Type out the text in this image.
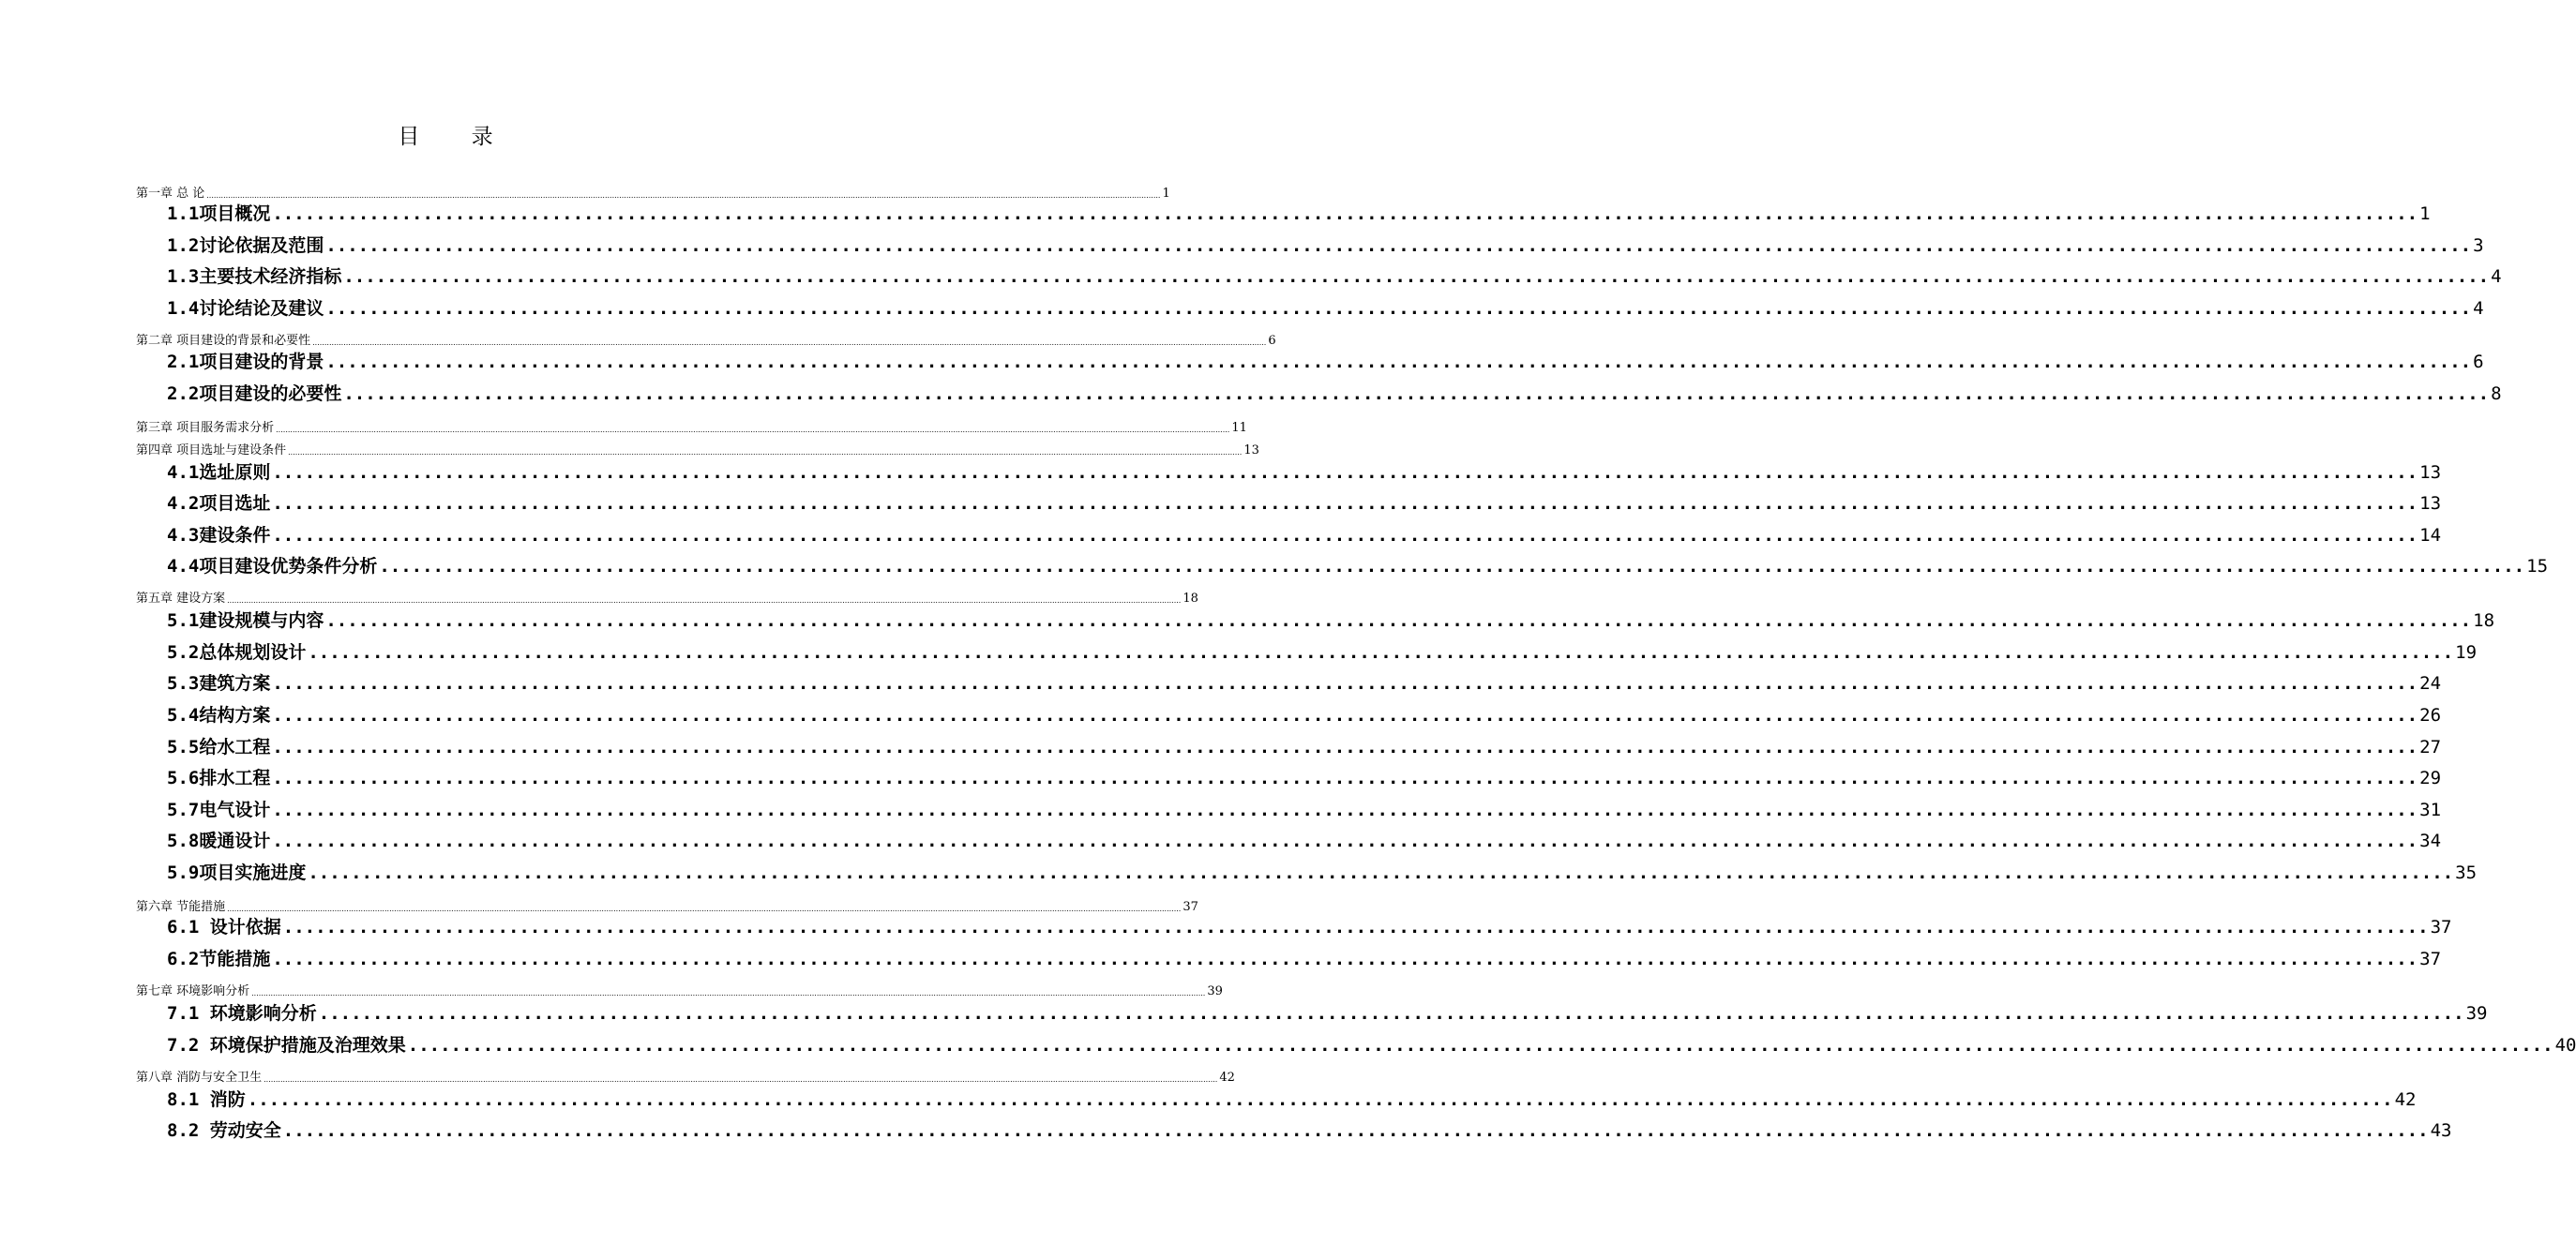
目 录
第一章 总 论 ................................................................................................................................................................................................................................................................................................................................................................................................................ 1
1.1项目概况 ........................................................................................................................................................................................................ 1
1.2讨论依据及范围 ........................................................................................................................................................................................................ 3
1.3主要技术经济指标 ........................................................................................................................................................................................................ 4
1.4讨论结论及建议 ........................................................................................................................................................................................................ 4
第二章 项目建设的背景和必要性 ................................................................................................................................................................................................................................................................................................................................................................................................................ 6
2.1项目建设的背景 ........................................................................................................................................................................................................ 6
2.2项目建设的必要性 ........................................................................................................................................................................................................ 8
第三章 项目服务需求分析 ................................................................................................................................................................................................................................................................................................................................................................................................................ 11
第四章 项目选址与建设条件 ................................................................................................................................................................................................................................................................................................................................................................................................................ 13
4.1选址原则 ........................................................................................................................................................................................................ 13
4.2项目选址 ........................................................................................................................................................................................................ 13
4.3建设条件 ........................................................................................................................................................................................................ 14
4.4项目建设优势条件分析 ........................................................................................................................................................................................................ 15
第五章 建设方案 ................................................................................................................................................................................................................................................................................................................................................................................................................ 18
5.1建设规模与内容 ........................................................................................................................................................................................................ 18
5.2总体规划设计 ........................................................................................................................................................................................................ 19
5.3建筑方案 ........................................................................................................................................................................................................ 24
5.4结构方案 ........................................................................................................................................................................................................ 26
5.5给水工程 ........................................................................................................................................................................................................ 27
5.6排水工程 ........................................................................................................................................................................................................ 29
5.7电气设计 ........................................................................................................................................................................................................ 31
5.8暖通设计 ........................................................................................................................................................................................................ 34
5.9项目实施进度 ........................................................................................................................................................................................................ 35
第六章 节能措施 ................................................................................................................................................................................................................................................................................................................................................................................................................ 37
6.1 设计依据 ........................................................................................................................................................................................................ 37
6.2节能措施 ........................................................................................................................................................................................................ 37
第七章 环境影响分析 ................................................................................................................................................................................................................................................................................................................................................................................................................ 39
7.1 环境影响分析 ........................................................................................................................................................................................................ 39
7.2 环境保护措施及治理效果 ........................................................................................................................................................................................................ 40
第八章 消防与安全卫生 ................................................................................................................................................................................................................................................................................................................................................................................................................ 42
8.1 消防 ........................................................................................................................................................................................................ 42
8.2 劳动安全 ........................................................................................................................................................................................................ 43
